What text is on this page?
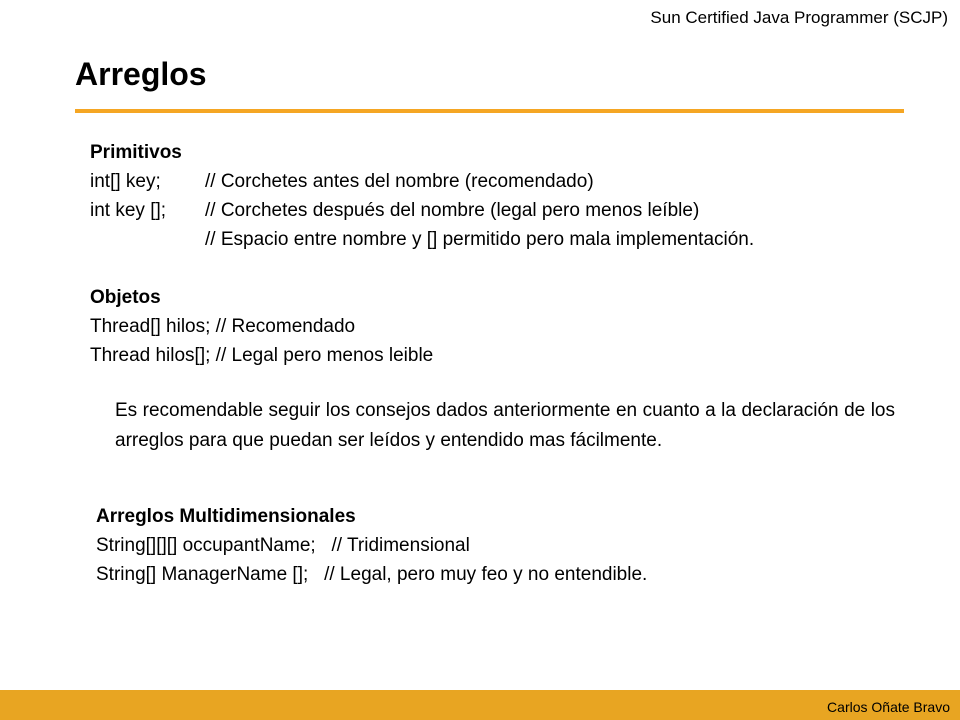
Sun Certified Java Programmer (SCJP)
Arreglos
Primitivos
int[] key;	// Corchetes antes del nombre (recomendado)
int key [];	// Corchetes después del nombre (legal pero menos leíble)
// Espacio entre nombre y [] permitido pero mala implementación.
Objetos
Thread[] hilos; // Recomendado
Thread hilos[]; // Legal pero menos leible
Es recomendable seguir los consejos dados anteriormente en cuanto a la declaración de los arreglos para que puedan ser leídos y entendido mas fácilmente.
Arreglos Multidimensionales
String[][][] occupantName;   // Tridimensional
String[] ManagerName [];   // Legal, pero muy feo y no entendible.
Carlos Oñate Bravo
